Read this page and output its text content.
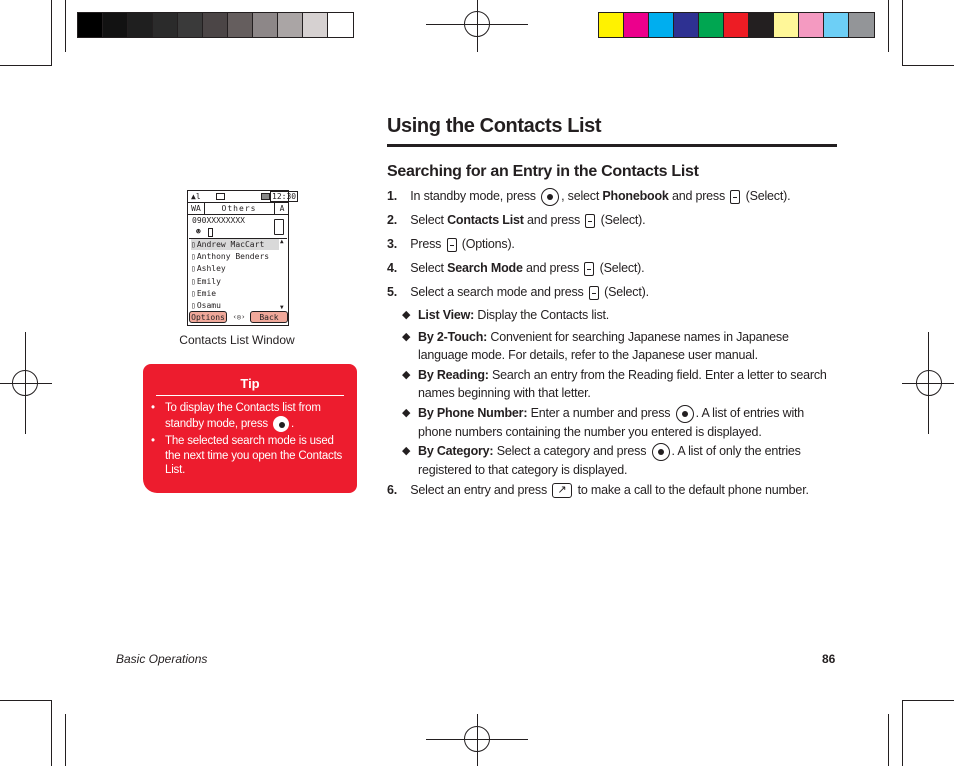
Using the Contacts List
Searching for an Entry in the Contacts List
1. In standby mode, press , select Phonebook and press (Select).
2. Select Contacts List and press (Select).
3. Press (Options).
4. Select Search Mode and press (Select).
5. Select a search mode and press (Select).
◆ List View: Display the Contacts list.
◆ By 2-Touch: Convenient for searching Japanese names in Japanese language mode. For details, refer to the Japanese user manual.
◆ By Reading: Search an entry from the Reading field. Enter a letter to search names beginning with that letter.
◆ By Phone Number: Enter a number and press . A list of entries with phone numbers containing the number you entered is displayed.
◆ By Category: Select a category and press . A list of only the entries registered to that category is displayed.
6. Select an entry and press ↗ to make a call to the default phone number.
▲l	12:30
WA	Others	A
090XXXXXXXX
☻
▯Andrew MacCart
▯Anthony Benders
▯Ashley
▯Emily
▯Emie
▯Osamu
▲
▼
Options	‹◎›	Back
Contacts List Window
Tip
• To display the Contacts list from standby mode, press .
• The selected search mode is used the next time you open the Contacts List.
Basic Operations	86
